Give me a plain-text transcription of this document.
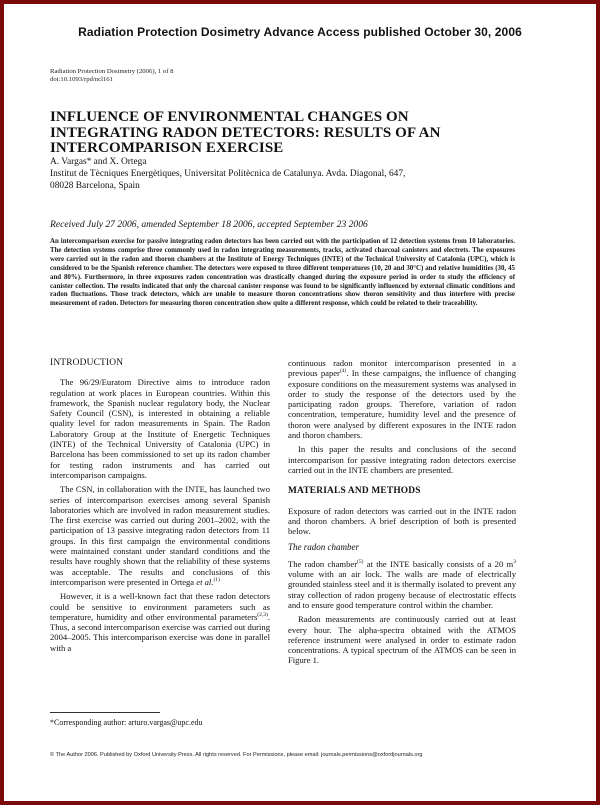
Radiation Protection Dosimetry Advance Access published October 30, 2006
Radiation Protection Dosimetry (2006), 1 of 8
doi:10.1093/rpd/ncl161
INFLUENCE OF ENVIRONMENTAL CHANGES ON INTEGRATING RADON DETECTORS: RESULTS OF AN INTERCOMPARISON EXERCISE
A. Vargas* and X. Ortega
Institut de Tècniques Energètiques, Universitat Politècnica de Catalunya. Avda. Diagonal, 647,
08028 Barcelona, Spain
Received July 27 2006, amended September 18 2006, accepted September 23 2006
An intercomparison exercise for passive integrating radon detectors has been carried out with the participation of 12 detection systems from 10 laboratories. The detection systems comprise three commonly used in radon integrating measurements, tracks, activated charcoal canisters and electrets. The exposures were carried out in the radon and thoron chambers at the Institute of Energy Techniques (INTE) of the Technical University of Catalonia (UPC), which is considered to be the Spanish reference chamber. The detectors were exposed to three different temperatures (10, 20 and 30°C) and relative humidities (30, 45 and 80%). Furthermore, in three exposures radon concentration was drastically changed during the exposure period in order to study the efficiency of canister collection. The results indicated that only the charcoal canister response was found to be significantly influenced by external climatic conditions and radon fluctuations. Those track detectors, which are unable to measure thoron concentrations show thoron sensitivity and thus interfere with precise measurement of radon. Detectors for measuring thoron concentration show quite a different response, which could be related to their traceability.
INTRODUCTION

The 96/29/Euratom Directive aims to introduce radon regulation at work places in European countries. Within this framework, the Spanish nuclear regulatory body, the Nuclear Safety Council (CSN), is interested in obtaining a reliable quality level for radon measurements in Spain. The Radon Laboratory Group at the Institute of Energetic Techniques (INTE) of the Technical University of Catalonia (UPC) in Barcelona has been commissioned to set up its radon chamber for testing radon instruments and has carried out intercomparison campaigns.

The CSN, in collaboration with the INTE, has launched two series of intercomparison exercises among several Spanish laboratories which are involved in radon measurement studies. The first exercise was carried out during 2001–2002, with the participation of 13 passive integrating radon detectors from 11 groups. In this first campaign the environmental conditions were maintained constant under standard conditions and the results have roughly shown that the reliability of these systems was acceptable. The results and conclusions of this intercomparison were presented in Ortega et al.$^{(1)}$

However, it is a well-known fact that these radon detectors could be sensitive to environment parameters such as temperature, humidity and other environmental parameters$^{(2,3)}$. Thus, a second intercomparison exercise was carried out during 2004–2005. This intercomparison exercise was done in parallel with a

continuous radon monitor intercomparison presented in a previous paper$^{(4)}$. In these campaigns, the influence of changing exposure conditions on the measurement systems was analysed in order to study the response of the detectors used by the participating radon groups. Therefore, variation of radon concentration, temperature, humidity level and the presence of thoron were analysed by different exposures in the INTE radon and thoron chambers.

In this paper the results and conclusions of the second intercomparison for passive integrating radon detectors exercise carried out in the INTE chambers are presented.

MATERIALS AND METHODS

Exposure of radon detectors was carried out in the INTE radon and thoron chambers. A brief description of both is presented below.

The radon chamber

The radon chamber$^{(5)}$ at the INTE basically consists of a 20 $m^3$ volume with an air lock. The walls are made of electrically grounded stainless steel and it is thermally isolated to prevent any stray collection of radon progeny because of electrostatic effects and to ensure good temperature control within the chamber.

Radon measurements are continuously carried out at least every hour. The alpha-spectra obtained with the ATMOS reference instrument were analysed in order to estimate radon concentrations. A typical spectrum of the ATMOS can be seen in Figure 1.

*Corresponding author: arturo.vargas@upc.edu
© The Author 2006. Published by Oxford University Press. All rights reserved. For Permissions, please email: journals.permissions@oxfordjournals.org
